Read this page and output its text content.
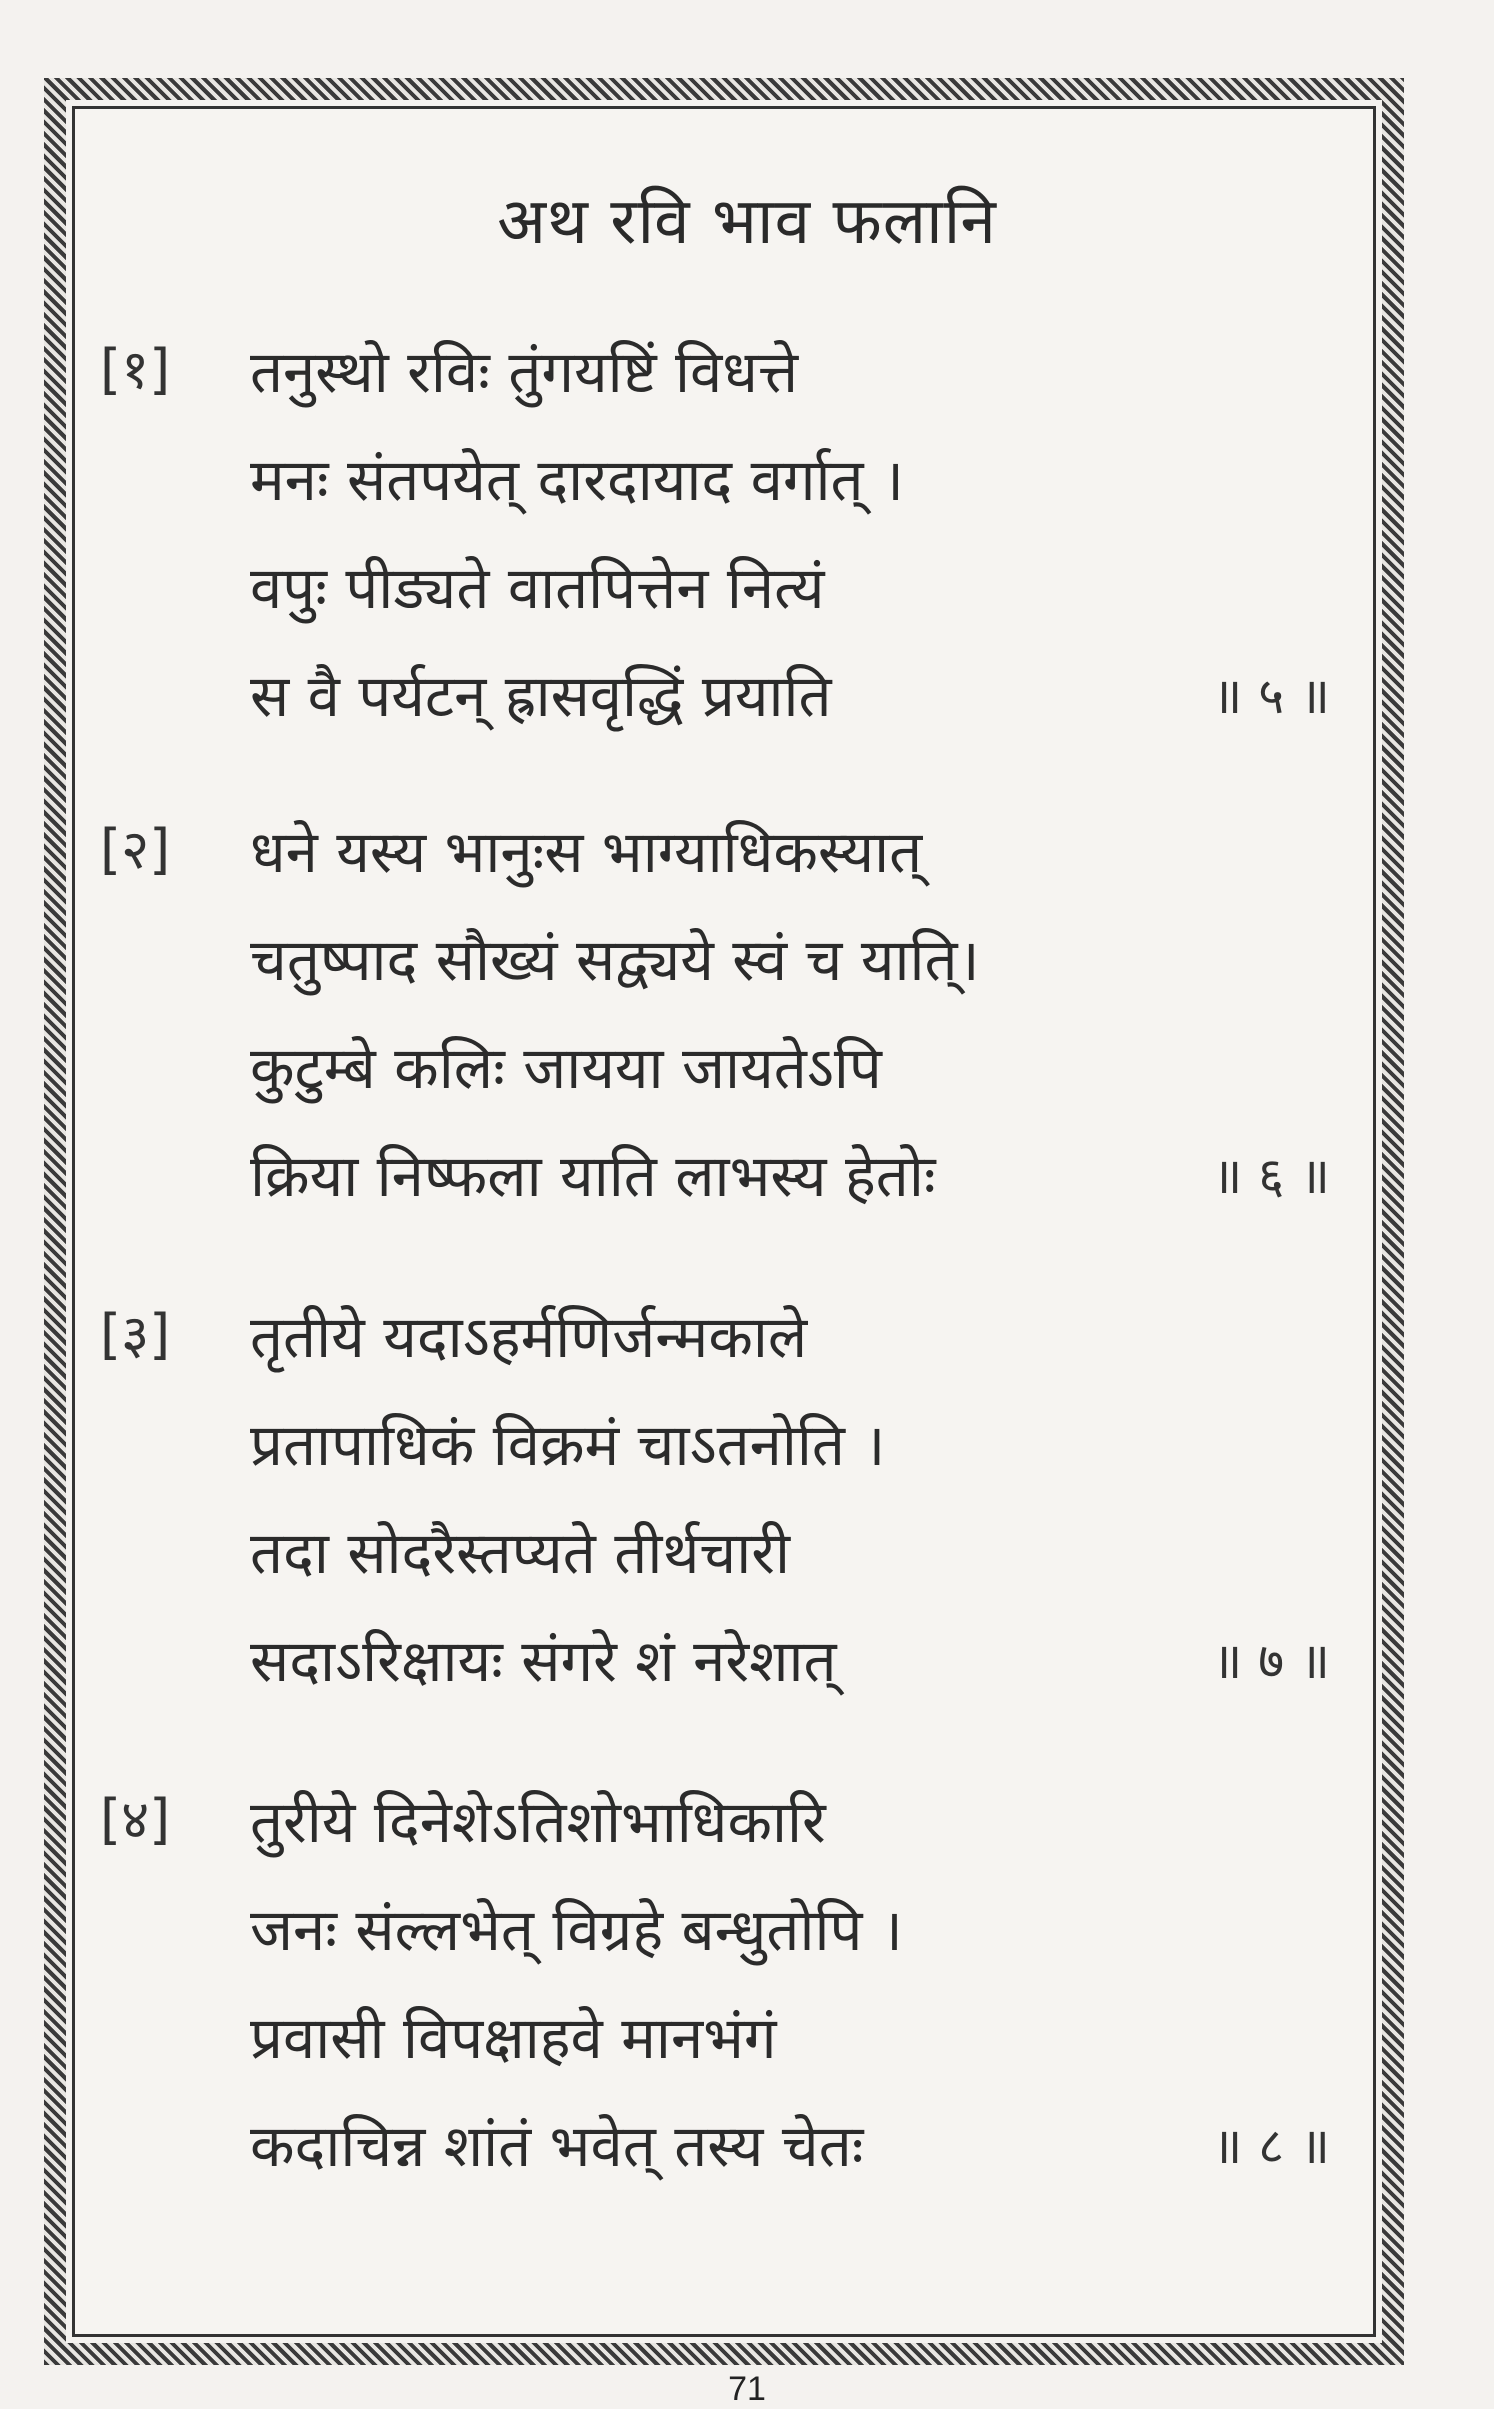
अथ रवि भाव फलानि
[१] तनुस्थो रविः तुंगयष्टिं विधत्ते
मनः संतपयेत् दारदायाद वर्गात् ।
वपुः पीड्यते वातपित्तेन नित्यं
स वै पर्यटन् ह्रासवृद्धिं प्रयाति	॥ ५ ॥
[२] धने यस्य भानुःस भाग्याधिकस्यात्
चतुष्पाद सौख्यं सद्व्यये स्वं च याति्।
कुटुम्बे कलिः जायया जायतेऽपि
क्रिया निष्फला याति लाभस्य हेतोः	॥ ६ ॥
[३] तृतीये यदाऽहर्मणिर्जन्मकाले
प्रतापाधिकं विक्रमं चाऽतनोति ।
तदा सोदरैस्तप्यते तीर्थचारी
सदाऽरिक्षायः संगरे शं नरेशात्	॥ ७ ॥
[४] तुरीये दिनेशेऽतिशोभाधिकारि
जनः संल्लभेत् विग्रहे बन्धुतोपि ।
प्रवासी विपक्षाहवे मानभंगं
कदाचिन्न शांतं भवेत् तस्य चेतः	॥ ८ ॥
71
